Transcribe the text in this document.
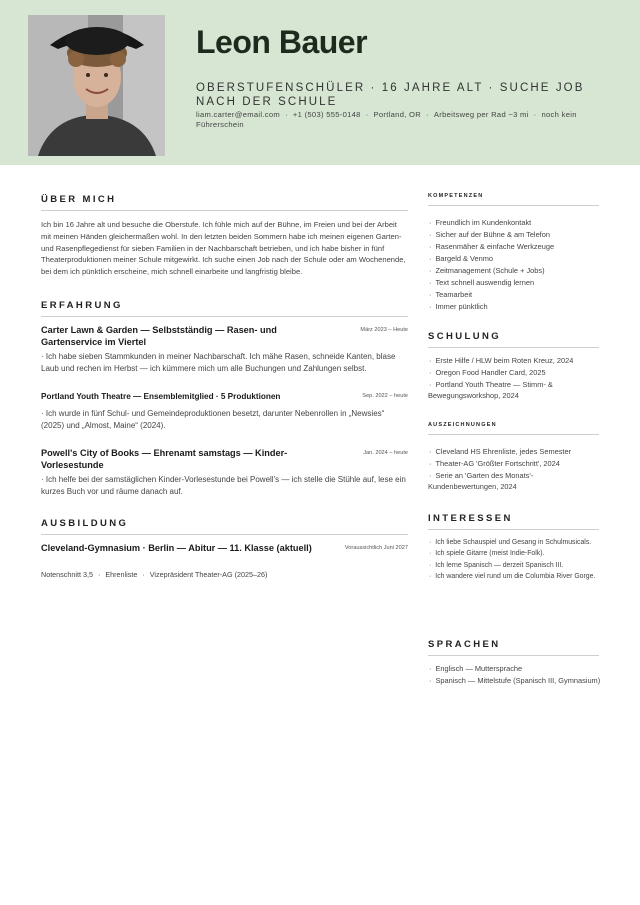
Leon Bauer
OBERSTUFENSCHÜLER · 16 JAHRE ALT · SUCHE JOB NACH DER SCHULE
liam.carter@email.com · +1 (503) 555-0148 · Portland, OR · Arbeitsweg per Rad ~3 mi · noch kein Führerschein
ÜBER MICH
Ich bin 16 Jahre alt und besuche die Oberstufe. Ich fühle mich auf der Bühne, im Freien und bei der Arbeit mit meinen Händen gleichermaßen wohl. In den letzten beiden Sommern habe ich meinen eigenen Garten- und Rasenpflegedienst für sieben Familien in der Nachbarschaft betrieben, und ich habe bisher in fünf Theaterproduktionen meiner Schule mitgewirkt. Ich suche einen Job nach der Schule oder am Wochenende, bei dem ich pünktlich erscheine, mich schnell einarbeite und langfristig bleibe.
ERFAHRUNG
Carter Lawn & Garden — Selbstständig — Rasen- und Gartenservice im Viertel
März 2023 – Heute
· Ich habe sieben Stammkunden in meiner Nachbarschaft. Ich mähe Rasen, schneide Kanten, blase Laub und rechen im Herbst — ich kümmere mich um alle Buchungen und Zahlungen selbst.
Portland Youth Theatre — Ensemblemitglied · 5 Produktionen	Sep. 2022 – heute
· Ich wurde in fünf Schul- und Gemeindeproduktionen besetzt, darunter Nebenrollen in „Newsies“ (2025) und „Almost, Maine“ (2024).
Powell's City of Books — Ehrenamt samstags — Kinder-Vorlesestunde
Jan. 2024 – heute
· Ich helfe bei der samstäglichen Kinder-Vorlesestunde bei Powell's — ich stelle die Stühle auf, lese ein kurzes Buch vor und räume danach auf.
AUSBILDUNG
Cleveland-Gymnasium · Berlin — Abitur — 11. Klasse (aktuell)	Voraussichtlich Juni 2027
Notenschnitt 3,5 · Ehrenliste · Vizepräsident Theater-AG (2025–26)
KOMPETENZEN
· Freundlich im Kundenkontakt
· Sicher auf der Bühne & am Telefon
· Rasenmäher & einfache Werkzeuge
· Bargeld & Venmo
· Zeitmanagement (Schule + Jobs)
· Text schnell auswendig lernen
· Teamarbeit
· Immer pünktlich
SCHULUNG
· Erste Hilfe / HLW beim Roten Kreuz, 2024
· Oregon Food Handler Card, 2025
· Portland Youth Theatre — Stimm- & Bewegungsworkshop, 2024
AUSZEICHNUNGEN
· Cleveland HS Ehrenliste, jedes Semester
· Theater-AG 'Größter Fortschritt', 2024
· Serie an 'Garten des Monats'-Kundenbewertungen, 2024
INTERESSEN
· Ich liebe Schauspiel und Gesang in Schulmusicals.
· Ich spiele Gitarre (meist Indie-Folk).
· Ich lerne Spanisch — derzeit Spanisch III.
· Ich wandere viel rund um die Columbia River Gorge.
SPRACHEN
· Englisch — Muttersprache
· Spanisch — Mittelstufe (Spanisch III, Gymnasium)
